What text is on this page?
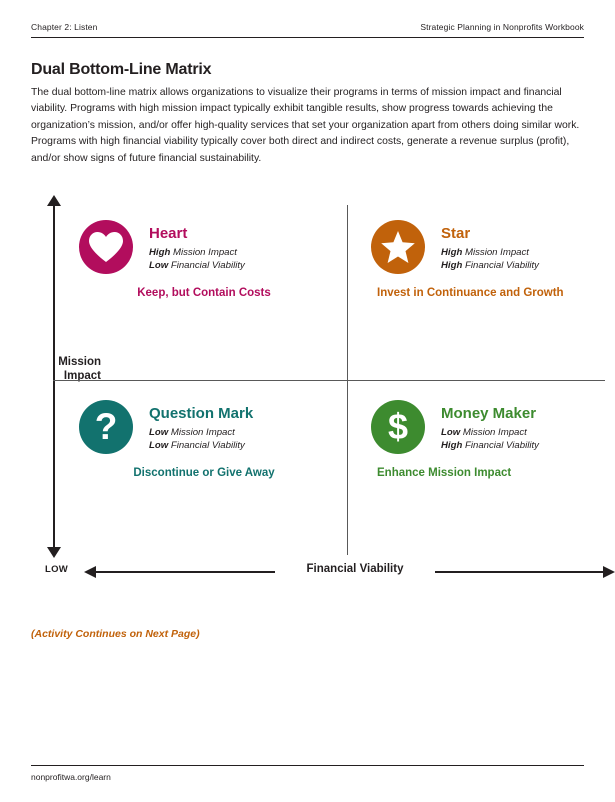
Chapter 2: Listen	Strategic Planning in Nonprofits Workbook
Dual Bottom-Line Matrix
The dual bottom-line matrix allows organizations to visualize their programs in terms of mission impact and financial viability. Programs with high mission impact typically exhibit tangible results, show progress towards achieving the organization’s mission, and/or offer high-quality services that set your organization apart from others doing similar work. Programs with high financial viability typically cover both direct and indirect costs, generate a revenue surplus (profit), and/or show signs of future financial sustainability.
Mission
Impact
Heart
High Mission Impact
Low Financial Viability
Keep, but Contain Costs
Star
High Mission Impact
High Financial Viability
Invest in Continuance and Growth
? Question Mark
Low Mission Impact
Low Financial Viability
Discontinue or Give Away
$ Money Maker
Low Mission Impact
High Financial Viability
Enhance Mission Impact
LOW	Financial Viability
(Activity Continues on Next Page)
nonprofitwa.org/learn
